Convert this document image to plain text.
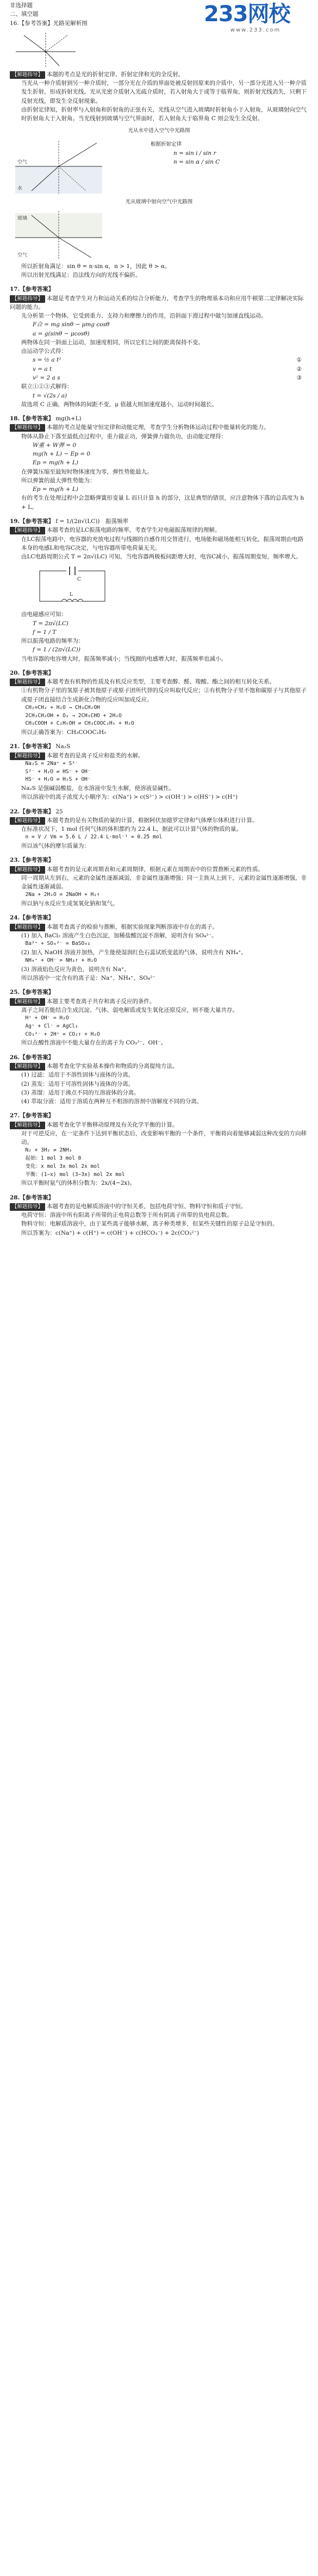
233网校
www.233.com
非选择题
二、填空题
16.【参考答案】光路见解析图
【解题指导】 本题的考点是光的折射定律、折射定律和光的全反射。
当光从一种介质射到另一种介质时，一部分光在介质的界面处被反射回原来的介质中，另一部分光进入另一种介质发生折射，形成折射光线。光从光密介质射入光疏介质时，若入射角大于或等于临界角，则折射光线消失，只剩下反射光线，即发生全反射现象。
由折射定律知，折射率与入射角和折射角的正弦有关，光线从空气进入玻璃时折射角小于入射角，从玻璃射向空气时折射角大于入射角。当光线射到玻璃与空气界面时，若入射角大于临界角 C 则会发生全反射。
光从水中进入空气中光路图
空气
水
根据折射定律
n = sin i / sin r
n = sin α / sin C
光从玻璃中射向空气中光路图
玻璃
空气
所以折射角满足：sin θ = n·sin α，n > 1，因此 θ > α。
所以出射光线满足：沿法线方向的光线不偏折。
17.【参考答案】
【解题指导】 本题是考查学生对力和运动关系的综合分析能力，考查学生的物理基本功和应用牛顿第二定律解决实际问题的能力。
先分析第一个物体，它受到重力、支持力和摩擦力的作用，沿斜面下滑过程中做匀加速直线运动。
F合 = mg sinθ − μmg cosθ
a = g(sinθ − μcosθ)
两物体在同一斜面上运动，加速度相同，所以它们之间的距离保持不变。
由运动学公式得：
s = ½ a t²	①
v = a t	②
v² = 2 a s	③
联立①②③式解得：
t = √(2s / a)
故选项 C 正确，两物体的间距不变，μ 值越大则加速度越小，运动时间越长。
18.【参考答案】 mg(h+L)
【解题指导】 本题的考点是能量守恒定律和动能定理，考查学生分析物体运动过程中能量转化的能力。
物体从静止下落至最低点过程中，重力做正功，弹簧弹力做负功，由动能定理得：
W重 + W弹 = 0
mg(h + L) − Ep = 0
Ep = mg(h + L)
在弹簧压缩至最短时物体速度为零，弹性势能最大。
所以弹簧的最大弹性势能为：
Ep = mg(h + L)
有的考生在处理过程中会忽略弹簧形变量 L 而只计算 h 的部分，这是典型的错误，应注意物体下落的总高度为 h + L。
19.【参考答案】 f = 1/(2π√(LC))　 振荡频率
【解题指导】 本题考查的是LC振荡电路的频率，考查学生对电磁振荡规律的理解。
在LC振荡电路中，电容器的充放电过程与线圈的自感作用交替进行，电场能和磁场能相互转化，振荡周期由电路本身的电感L和电容C决定，与电容器所带电荷量无关。
由LC电路周期公式 T = 2π√(LC) 可知，当电容器两极板间距增大时，电容C减小，振荡周期变短，频率增大。
C
L
由电磁感应可知：
T = 2π√(LC)
f = 1 / T
所以振荡电路的频率为：
f = 1 / (2π√(LC))
当电容器的电容增大时，振荡频率减小；当线圈的电感增大时，振荡频率也减小。
20.【参考答案】
【解题指导】 本题考查有机物的性质及有机反应类型，主要考查醇、醛、羧酸、酯之间的相互转化关系。
①有机物分子里的氢原子被其他原子或原子团所代替的反应叫取代反应；②有机物分子里不饱和碳原子与其他原子或原子团直接结合生成新化合物的反应叫加成反应。
CH₂=CH₂ + H₂O → CH₃CH₂OH
2CH₃CH₂OH + O₂ → 2CH₃CHO + 2H₂O
CH₃COOH + C₂H₅OH ⇌ CH₃COOC₂H₅ + H₂O
所以正确答案为：CH₃COOC₂H₅
21.【参考答案】 Na₂S
【解题指导】 本题考查的是离子反应和盐类的水解。
Na₂S = 2Na⁺ + S²⁻
S²⁻ + H₂O ⇌ HS⁻ + OH⁻
HS⁻ + H₂O ⇌ H₂S + OH⁻
Na₂S 是强碱弱酸盐，在水溶液中发生水解，使溶液显碱性。
所以溶液中的离子浓度大小顺序为：c(Na⁺) > c(S²⁻) > c(OH⁻) > c(HS⁻) > c(H⁺)
22.【参考答案】 25
【解题指导】 本题考查的是有关物质的量的计算，根据阿伏加德罗定律和气体摩尔体积进行计算。
在标准状况下，1 mol 任何气体的体积都约为 22.4 L，据此可以计算气体的物质的量。
n = V / Vm = 5.6 L / 22.4 L·mol⁻¹ = 0.25 mol
所以该气体的摩尔质量为：
23.【参考答案】
【解题指导】 本题考查的是元素周期表和元素周期律，根据元素在周期表中的位置推断元素的性质。
同一周期从左到右，元素的金属性逐渐减弱，非金属性逐渐增强；同一主族从上到下，元素的金属性逐渐增强，非金属性逐渐减弱。
2Na + 2H₂O = 2NaOH + H₂↑
所以钠与水反应生成氢氧化钠和氢气。
24.【参考答案】
【解题指导】 本题考查离子的检验与推断，根据实验现象判断溶液中存在的离子。
(1) 加入 BaCl₂ 溶液产生白色沉淀，加稀盐酸沉淀不溶解，说明含有 SO₄²⁻。
Ba²⁺ + SO₄²⁻ = BaSO₄↓
(2) 加入 NaOH 溶液并加热，产生能使湿润红色石蕊试纸变蓝的气体，说明含有 NH₄⁺。
NH₄⁺ + OH⁻ = NH₃↑ + H₂O
(3) 溶液焰色反应为黄色，说明含有 Na⁺。
所以溶液中一定含有的离子是：Na⁺、NH₄⁺、SO₄²⁻
25.【参考答案】
【解题指导】 本题主要考查离子共存和离子反应的条件。
离子之间若能结合生成沉淀、气体、弱电解质或发生氧化还原反应，则不能大量共存。
H⁺ + OH⁻ = H₂O
Ag⁺ + Cl⁻ = AgCl↓
CO₃²⁻ + 2H⁺ = CO₂↑ + H₂O
所以在酸性溶液中不能大量存在的离子为 CO₃²⁻、OH⁻。
26.【参考答案】
【解题指导】 本题考查化学实验基本操作和物质的分离提纯方法。
(1) 过滤：适用于不溶性固体与液体的分离。
(2) 蒸发：适用于可溶性固体与液体的分离。
(3) 蒸馏：适用于沸点不同的互溶液体的分离。
(4) 萃取分液：适用于溶质在两种互不相溶的溶剂中溶解度不同的分离。
27.【参考答案】
【解题指导】 本题考查化学平衡移动原理及有关化学平衡的计算。
对于可逆反应，在一定条件下达到平衡状态后，改变影响平衡的一个条件，平衡将向着能够减弱这种改变的方向移动。
N₂ + 3H₂ ⇌ 2NH₃
起始：1 mol 3 mol 0
变化：x mol 3x mol 2x mol
平衡：(1−x) mol (3−3x) mol 2x mol
所以平衡时氨气的体积分数为：2x/(4−2x)。
28.【参考答案】
【解题指导】 本题考查的是电解质溶液中的守恒关系，包括电荷守恒、物料守恒和质子守恒。
电荷守恒：溶液中所有阳离子所带的正电荷总数等于所有阴离子所带的负电荷总数。
物料守恒：电解质溶液中，由于某些离子能够水解，离子种类增多，但某些关键性的原子总是守恒的。
所以答案为：c(Na⁺) + c(H⁺) = c(OH⁻) + c(HCO₃⁻) + 2c(CO₃²⁻)
